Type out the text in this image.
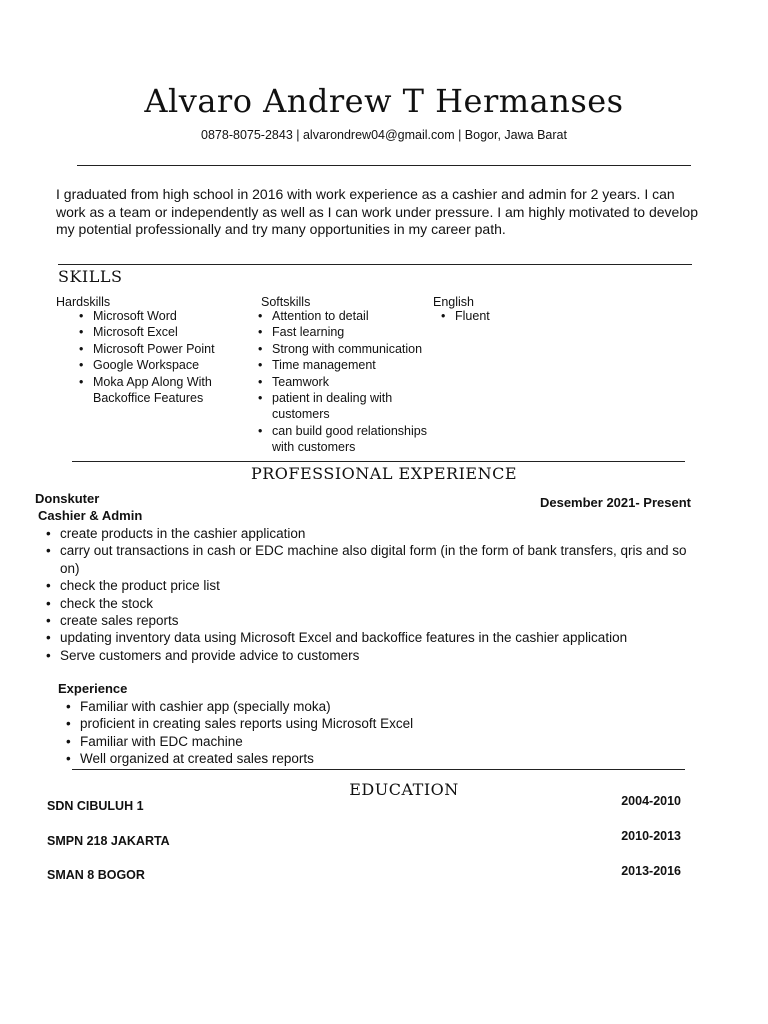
Alvaro Andrew T Hermanses
0878-8075-2843 | alvarondrew04@gmail.com | Bogor, Jawa Barat
I graduated from high school in 2016 with work experience as a cashier and admin for 2 years. I can work as a team or independently as well as I can work under pressure. I am highly motivated to develop my potential professionally and try many opportunities in my career path.
SKILLS
Hardskills
• Microsoft Word
• Microsoft Excel
• Microsoft Power Point
• Google Workspace
• Moka App Along With Backoffice Features
Softskills
• Attention to detail
• Fast learning
• Strong with communication
• Time management
• Teamwork
• patient in dealing with customers
• can build good relationships with customers
English
• Fluent
PROFESSIONAL EXPERIENCE
Donskuter
Cashier & Admin
Desember 2021- Present
• create products in the cashier application
• carry out transactions in cash or EDC machine also digital form (in the form of bank transfers, qris and so on)
• check the product price list
• check the stock
• create sales reports
• updating inventory data using Microsoft Excel and backoffice features in the cashier application
• Serve customers and provide advice to customers
Experience
• Familiar with cashier app (specially moka)
• proficient in creating sales reports using Microsoft Excel
• Familiar with EDC machine
• Well organized at created sales reports
EDUCATION
SDN CIBULUH 1	2004-2010
SMPN 218 JAKARTA	2010-2013
SMAN 8 BOGOR	2013-2016
